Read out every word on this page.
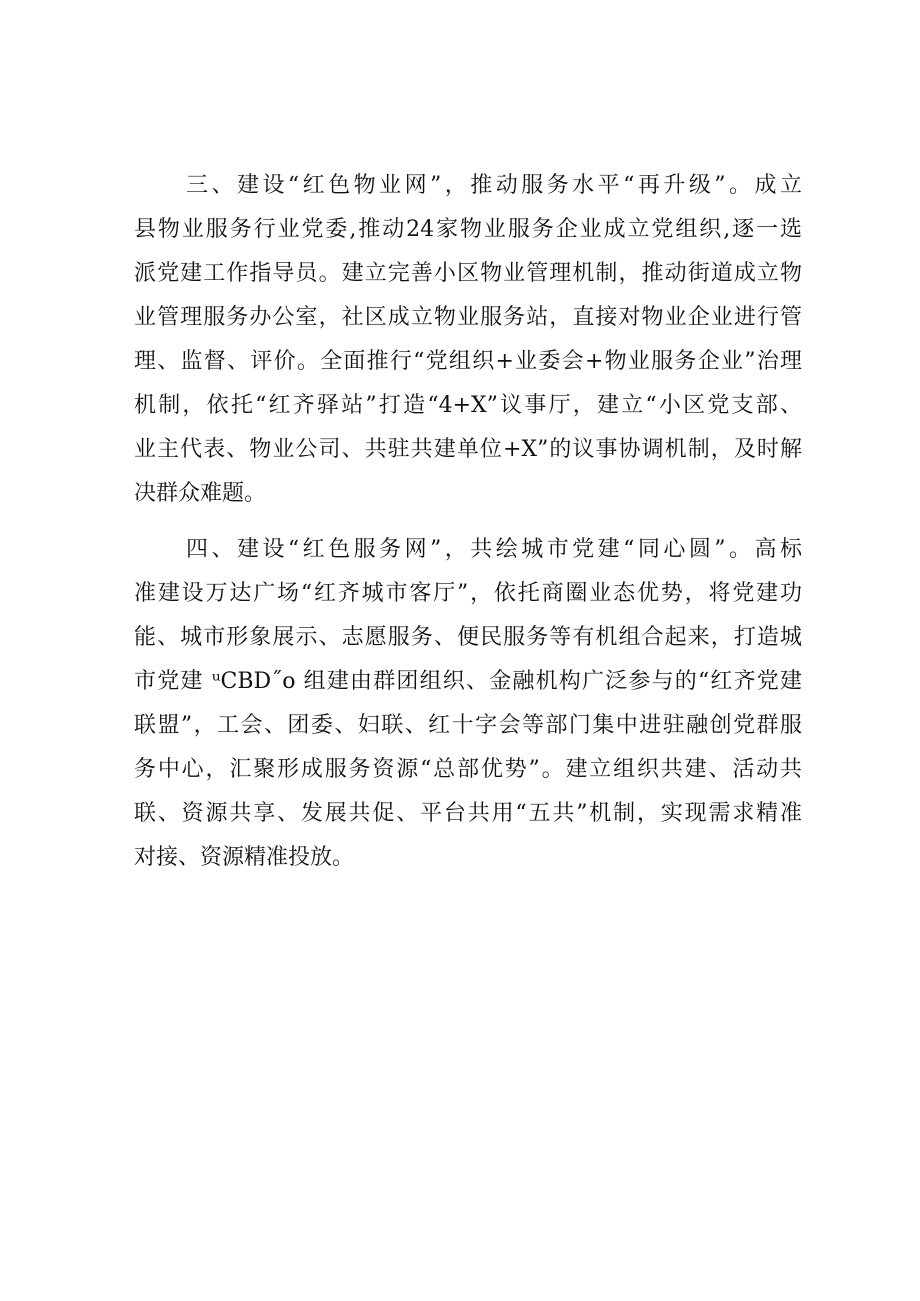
三、建设“红色物业网”，推动服务水平“再升级”。成立
县物业服务行业党委,推动24家物业服务企业成立党组织,逐一选
派党建工作指导员。建立完善小区物业管理机制，推动街道成立物
业管理服务办公室，社区成立物业服务站，直接对物业企业进行管
理、监督、评价。全面推行“党组织+业委会+物业服务企业”治理
机制，依托“红齐驿站”打造“4+X”议事厅，建立“小区党支部、
业主代表、物业公司、共驻共建单位+X”的议事协调机制，及时解
决群众难题。

四、建设“红色服务网”，共绘城市党建“同心圆”。高标
准建设万达广场“红齐城市客厅”，依托商圈业态优势，将党建功
能、城市形象展示、志愿服务、便民服务等有机组合起来，打造城
市党建 ᵘCBD˝o 组建由群团组织、金融机构广泛参与的“红齐党建
联盟”，工会、团委、妇联、红十字会等部门集中进驻融创党群服
务中心，汇聚形成服务资源“总部优势”。建立组织共建、活动共
联、资源共享、发展共促、平台共用“五共”机制，实现需求精准
对接、资源精准投放。
